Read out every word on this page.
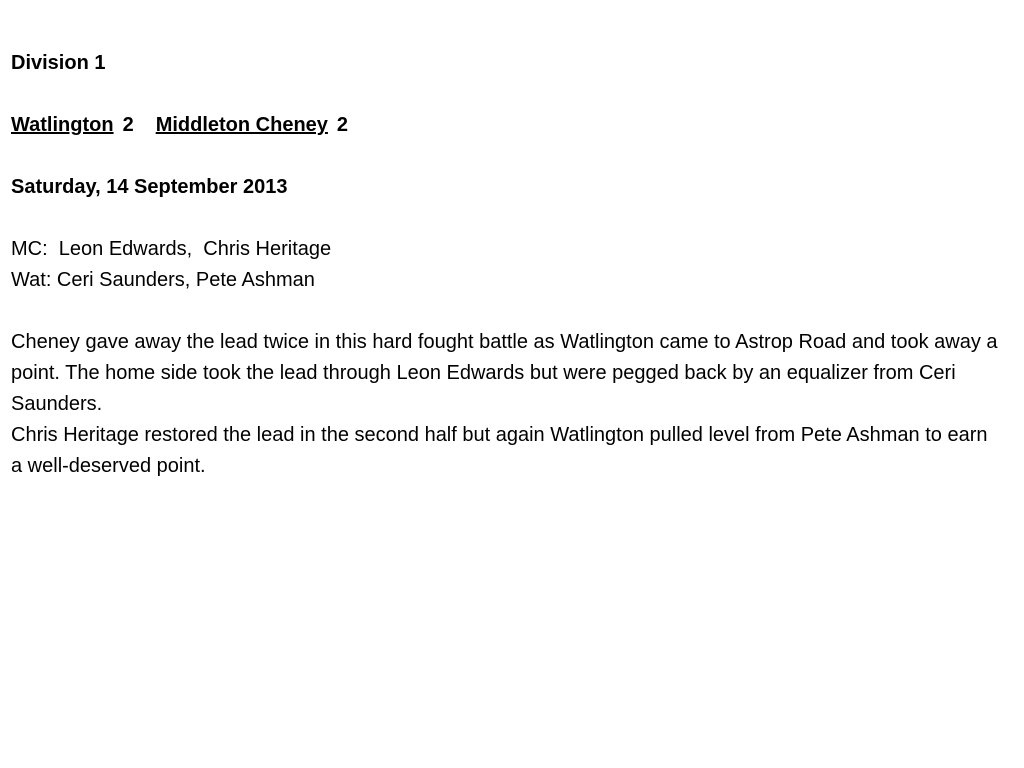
Division 1
Watlington 2 Middleton Cheney 2
Saturday, 14 September 2013
MC:  Leon Edwards,  Chris Heritage
Wat: Ceri Saunders, Pete Ashman
Cheney gave away the lead twice in this hard fought battle as Watlington came to Astrop Road and took away a point. The home side took the lead through Leon Edwards but were pegged back by an equalizer from Ceri Saunders.
Chris Heritage restored the lead in the second half but again Watlington pulled level from Pete Ashman to earn a well-deserved point.
